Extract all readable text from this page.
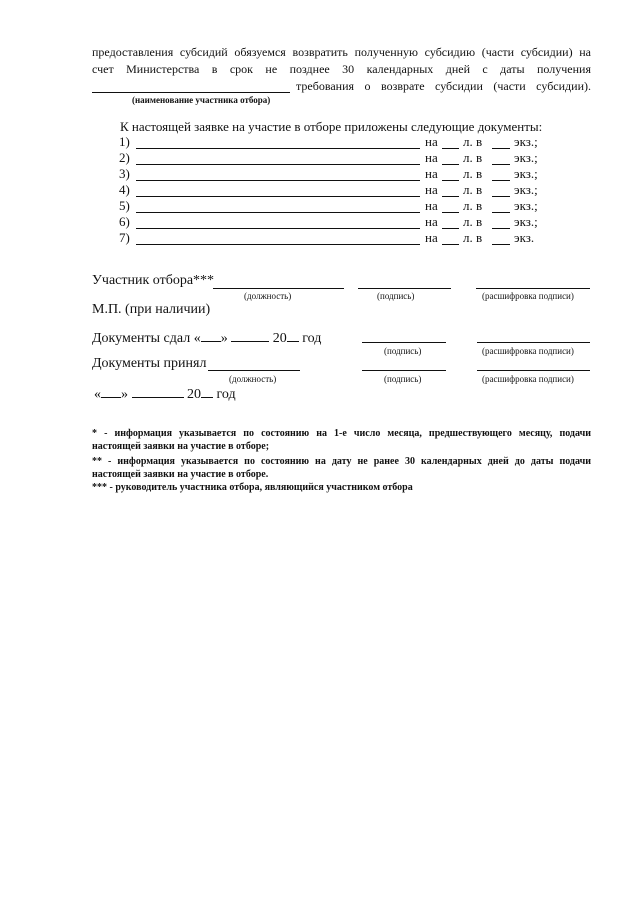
предоставления субсидий обязуемся возвратить полученную субсидию (части субсидии) на
счет Министерства в срок не позднее 30 календарных дней с даты получения
требования о возврате субсидии (части субсидии).
(наименование участника отбора)
К настоящей заявке на участие в отборе приложены следующие документы:
1)	на л. в экз.;
2)	на л. в экз.;
3)	на л. в экз.;
4)	на л. в экз.;
5)	на л. в экз.;
6)	на л. в экз.;
7)	на л. в экз.
Участник отбора***
(должность)	(подпись)	(расшифровка подписи)
М.П. (при наличии)
Документы сдал « »	20 год
(подпись)	(расшифровка подписи)
Документы принял
(должность)	(подпись)	(расшифровка подписи)
« »	20 год
* - информация указывается по состоянию на 1-е число месяца, предшествующего месяцу, подачи
настоящей заявки на участие в отборе;
** - информация указывается по состоянию на дату не ранее 30 календарных дней до даты подачи
настоящей заявки на участие в отборе.
*** - руководитель участника отбора, являющийся участником отбора
